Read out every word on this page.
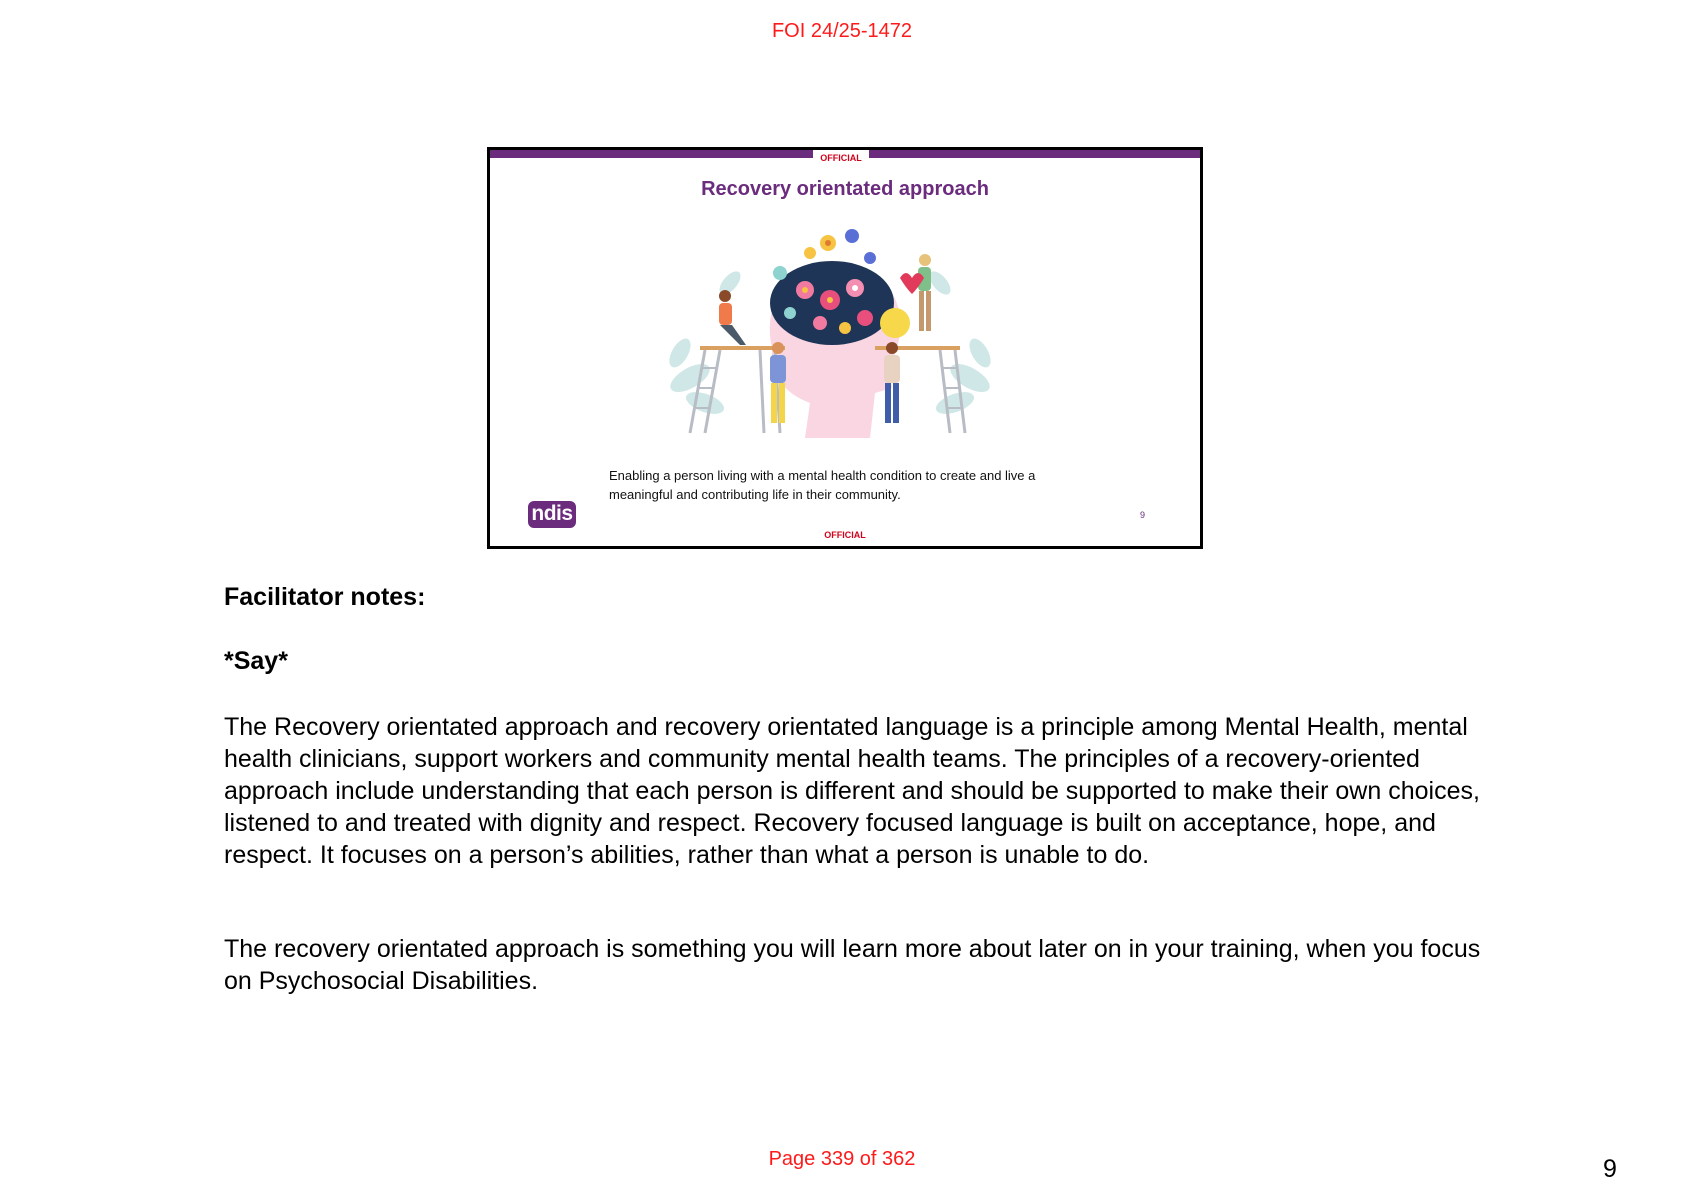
FOI 24/25-1472
OFFICIAL
Recovery orientated approach
Enabling a person living with a mental health condition to create and live a
meaningful and contributing life in their community.
ndis	9
OFFICIAL
Facilitator notes:
*Say*

The Recovery orientated approach and recovery orientated language is a principle among Mental Health, mental health clinicians, support workers and community mental health teams. The principles of a recovery-oriented approach include understanding that each person is different and should be supported to make their own choices, listened to and treated with dignity and respect. Recovery focused language is built on acceptance, hope, and respect. It focuses on a person’s abilities, rather than what a person is unable to do.

The recovery orientated approach is something you will learn more about later on in your training, when you focus on Psychosocial Disabilities.

Page 339 of 362	9
